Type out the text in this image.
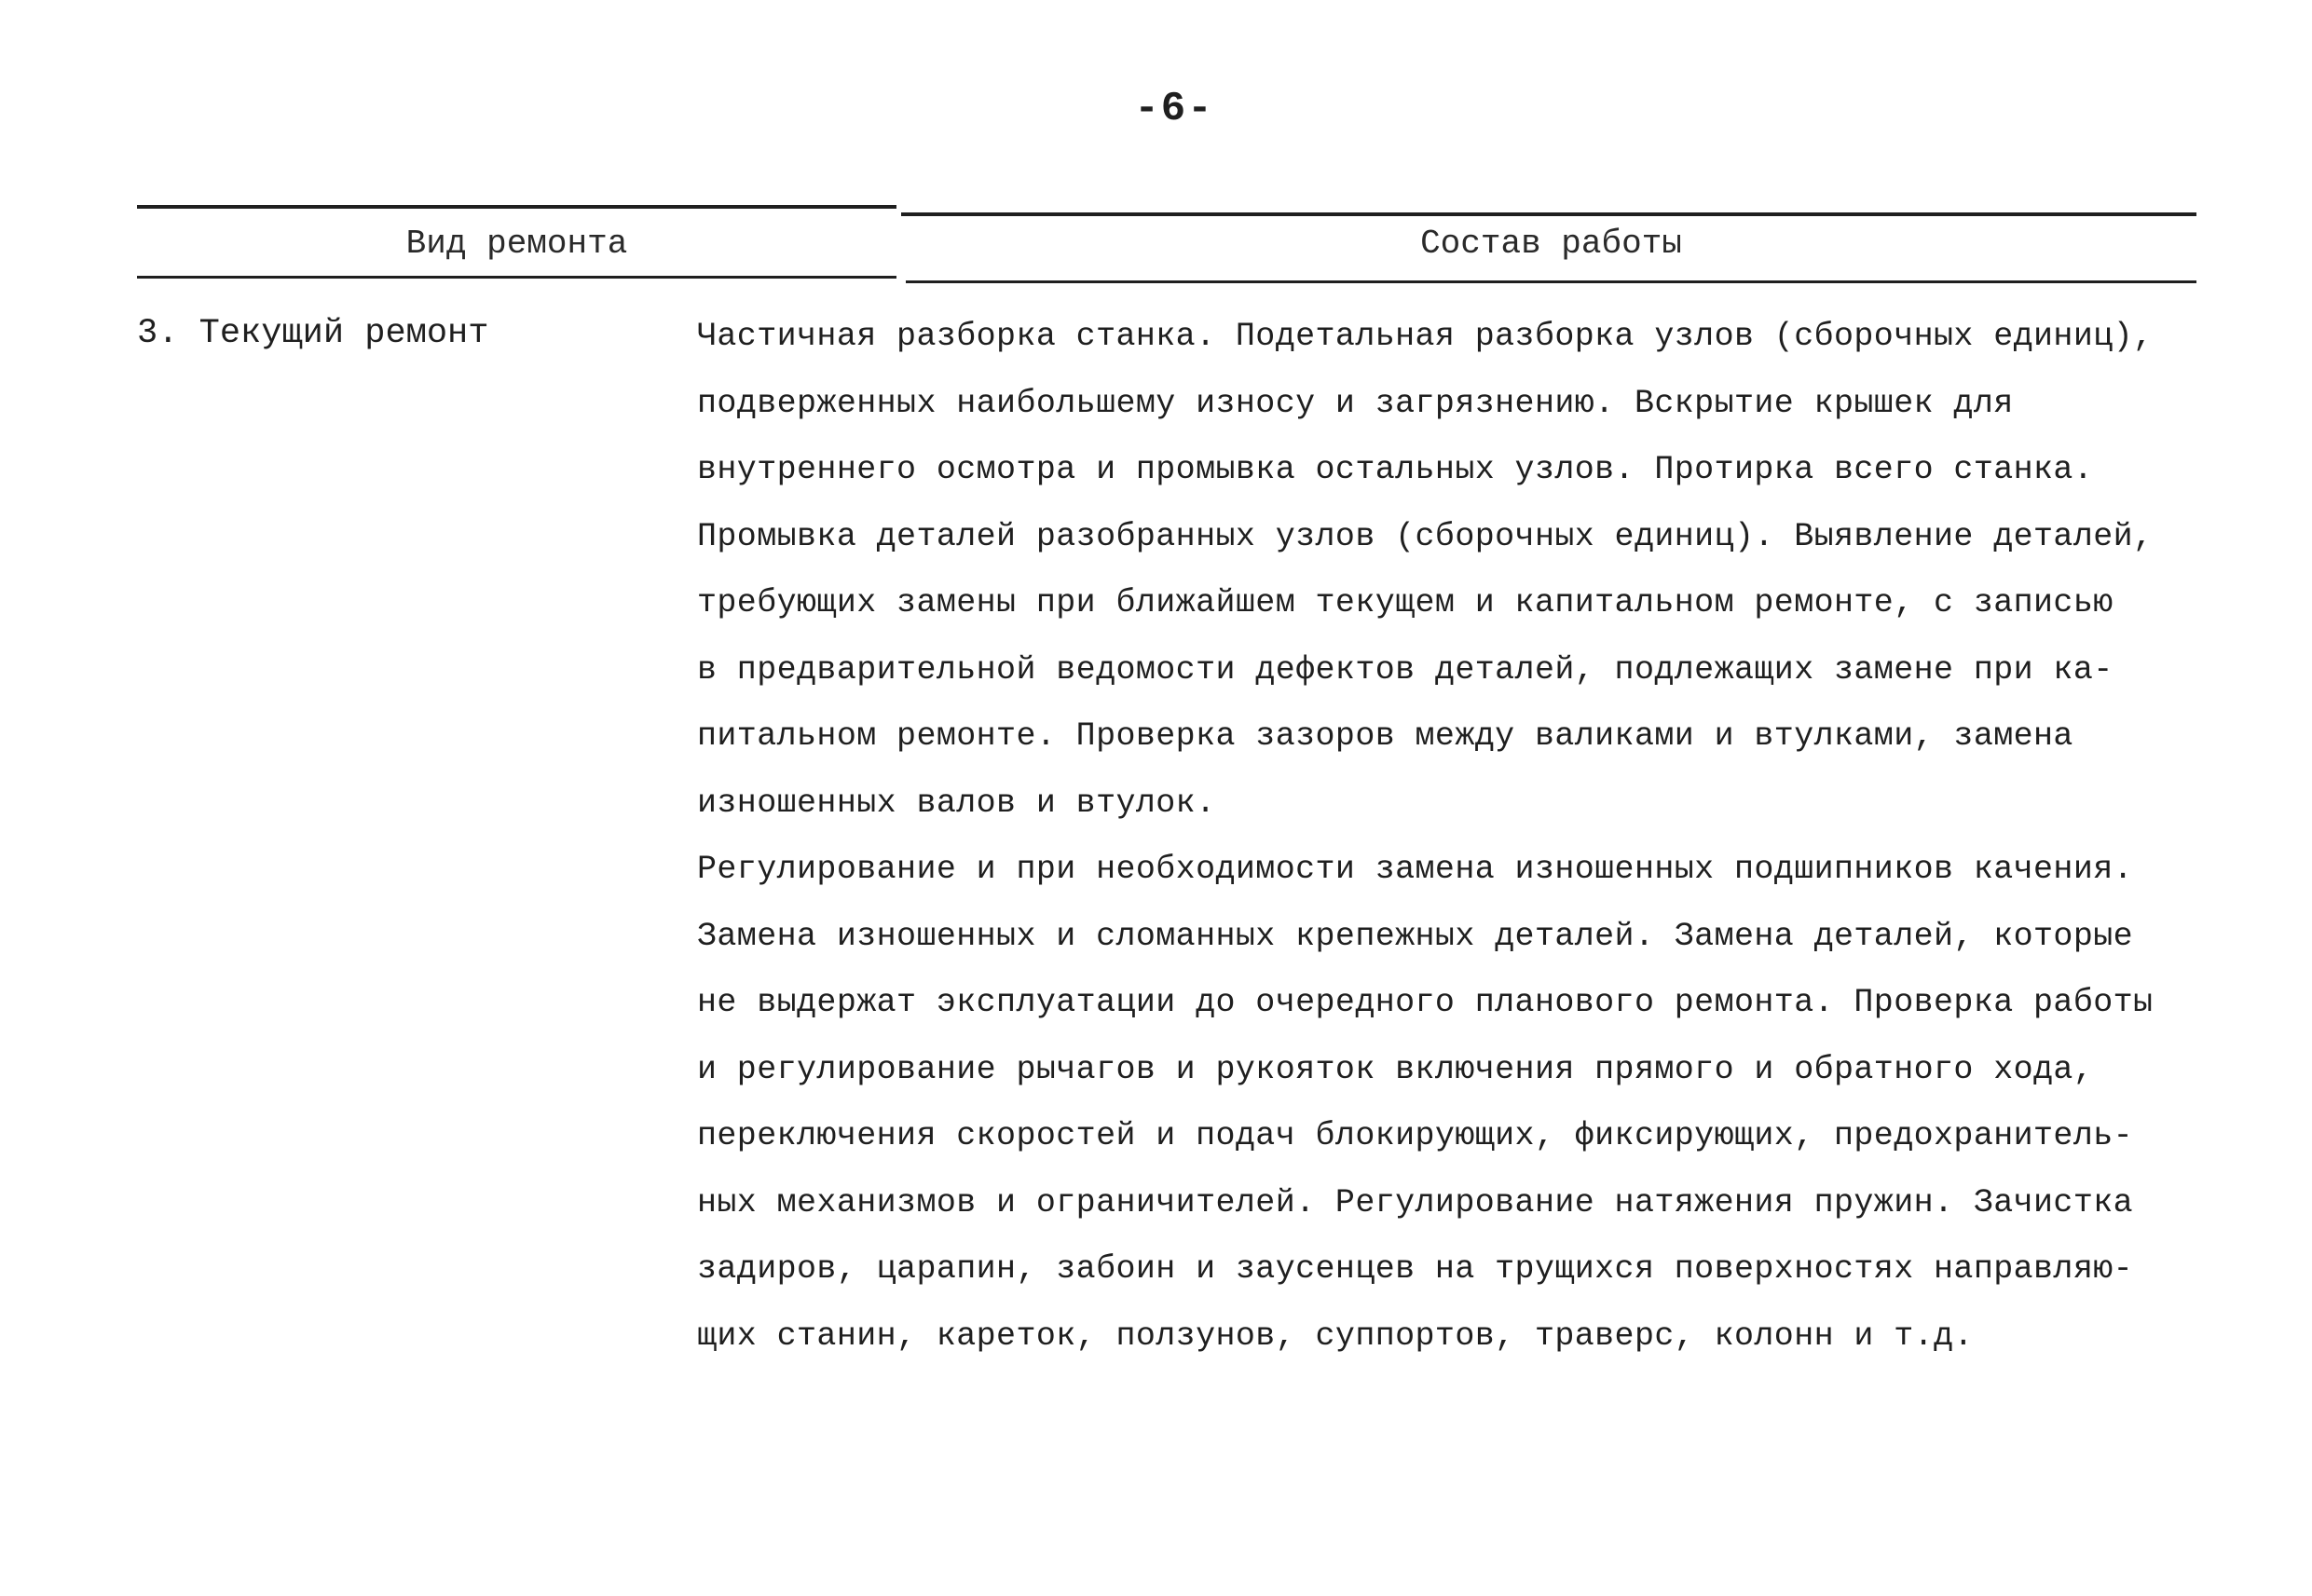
-6-
Вид ремонта	Состав работы
3. Текущий ремонт	Частичная разборка станка. Подетальная разборка узлов (сборочных единиц),
подверженных наибольшему износу и загрязнению. Вскрытие крышек для
внутреннего осмотра и промывка остальных узлов. Протирка всего станка.
Промывка деталей разобранных узлов (сборочных единиц). Выявление деталей,
требующих замены при ближайшем текущем и капитальном ремонте, с записью
в предварительной ведомости дефектов деталей, подлежащих замене при ка-
питальном ремонте. Проверка зазоров между валиками и втулками, замена
изношенных валов и втулок.
Регулирование и при необходимости замена изношенных подшипников качения.
Замена изношенных и сломанных крепежных деталей. Замена деталей, которые
не выдержат эксплуатации до очередного планового ремонта. Проверка работы
и регулирование рычагов и рукояток включения прямого и обратного хода,
переключения скоростей и подач блокирующих, фиксирующих, предохранитель-
ных механизмов и ограничителей. Регулирование натяжения пружин. Зачистка
задиров, царапин, забоин и заусенцев на трущихся поверхностях направляю-
щих станин, кареток, ползунов, суппортов, траверс, колонн и т.д.
